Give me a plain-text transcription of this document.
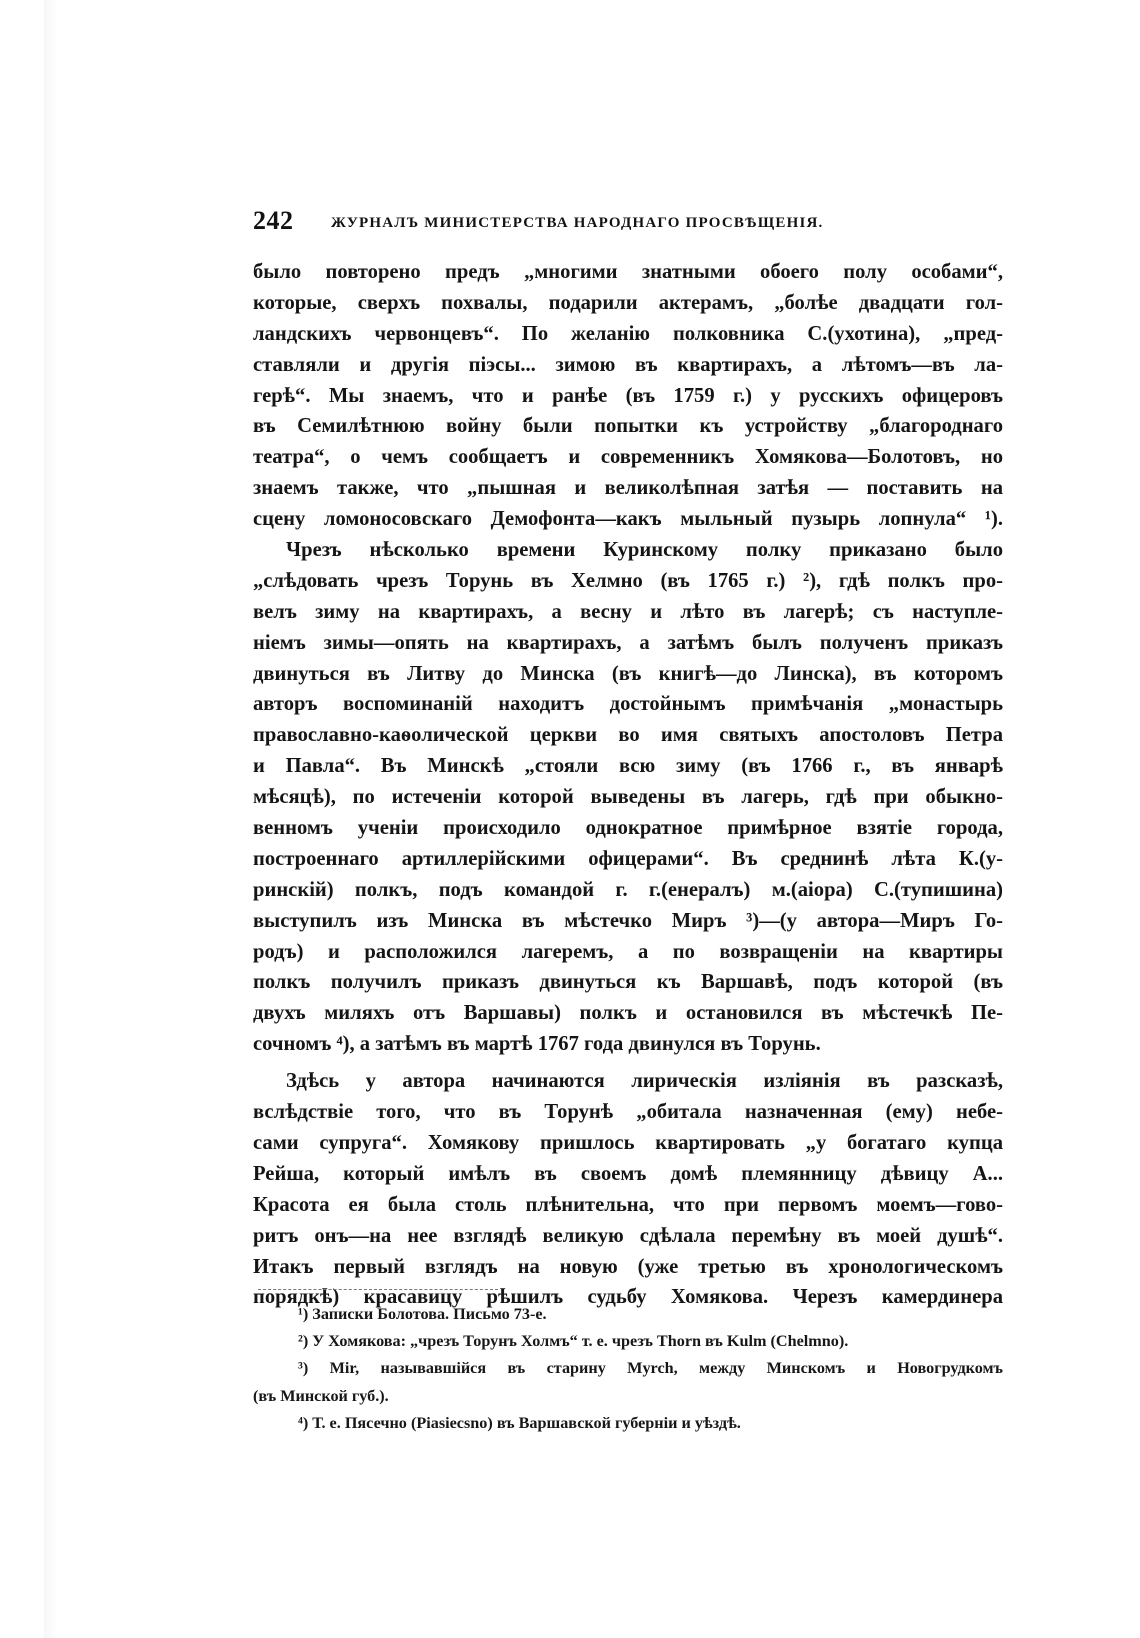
242	ЖУРНАЛЪ МИНИСТЕРСТВА НАРОДНАГО ПРОСВѢЩЕНІЯ.
было повторено предъ „многими знатными обоего полу особами“,
которые, сверхъ похвалы, подарили актерамъ, „болѣе двадцати гол-
ландскихъ червонцевъ“. По желанію полковника С.(ухотина), „пред-
ставляли и другія піэсы... зимою въ квартирахъ, а лѣтомъ—въ ла-
герѣ“. Мы знаемъ, что и ранѣе (въ 1759 г.) у русскихъ офицеровъ
въ Семилѣтнюю войну были попытки къ устройству „благороднаго
театра“, о чемъ сообщаетъ и современникъ Хомякова—Болотовъ, но
знаемъ также, что „пышная и великолѣпная затѣя — поставить на
сцену ломоносовскаго Демофонта—какъ мыльный пузырь лопнула“ ¹).
Чрезъ нѣсколько времени Куринскому полку приказано было
„слѣдовать чрезъ Торунь въ Хелмно (въ 1765 г.) ²), гдѣ полкъ про-
велъ зиму на квартирахъ, а весну и лѣто въ лагерѣ; съ наступле-
ніемъ зимы—опять на квартирахъ, а затѣмъ былъ полученъ приказъ
двинуться въ Литву до Минска (въ книгѣ—до Линска), въ которомъ
авторъ воспоминаній находитъ достойнымъ примѣчанія „монастырь
православно-каѳолической церкви во имя святыхъ апостоловъ Петра
и Павла“. Въ Минскѣ „стояли всю зиму (въ 1766 г., въ январѣ
мѣсяцѣ), по истеченіи которой выведены въ лагерь, гдѣ при обыкно-
венномъ ученіи происходило однократное примѣрное взятіе города,
построеннаго артиллерійскими офицерами“. Въ среднинѣ лѣта К.(у-
ринскій) полкъ, подъ командой г. г.(енералъ) м.(аіора) С.(тупишина)
выступилъ изъ Минска въ мѣстечко Миръ ³)—(у автора—Миръ Го-
родъ) и расположился лагеремъ, а по возвращеніи на квартиры
полкъ получилъ приказъ двинуться къ Варшавѣ, подъ которой (въ
двухъ миляхъ отъ Варшавы) полкъ и остановился въ мѣстечкѣ Пе-
сочномъ ⁴), а затѣмъ въ мартѣ 1767 года двинулся въ Торунь.
Здѣсь у автора начинаются лирическія изліянія въ разсказѣ,
вслѣдствіе того, что въ Торунѣ „обитала назначенная (ему) небе-
сами супруга“. Хомякову пришлось квартировать „у богатаго купца
Рейша, который имѣлъ въ своемъ домѣ племянницу дѣвицу А...
Красота ея была столь плѣнительна, что при первомъ моемъ—гово-
ритъ онъ—на нее взглядѣ великую сдѣлала перемѣну въ моей душѣ“.
Итакъ первый взглядъ на новую (уже третью въ хронологическомъ
порядкѣ) красавицу рѣшилъ судьбу Хомякова. Черезъ камердинера
¹) Записки Болотова. Письмо 73-е.
²) У Хомякова: „чрезъ Торунъ Холмъ“ т. е. чрезъ Thorn въ Kulm (Chelmno).
³) Mir, называвшійся въ старину Myrch, между Минскомъ и Новогрудкомъ
(въ Минской губ.).
⁴) Т. е. Пясечно (Piasiecsno) въ Варшавской губерніи и уѣздѣ.
